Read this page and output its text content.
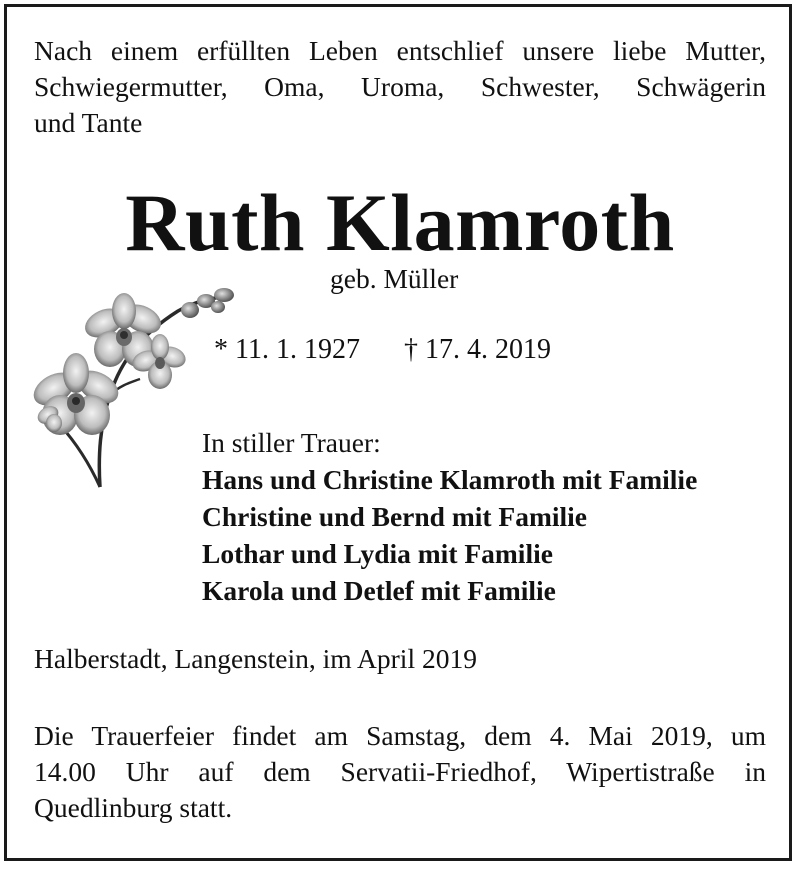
Nach einem erfüllten Leben entschlief unsere liebe Mutter,
Schwiegermutter, Oma, Uroma, Schwester, Schwägerin
und Tante

Ruth Klamroth
geb. Müller
* 11. 1. 1927 † 17. 4. 2019
In stiller Trauer:
Hans und Christine Klamroth mit Familie
Christine und Bernd mit Familie
Lothar und Lydia mit Familie
Karola und Detlef mit Familie
Halberstadt, Langenstein, im April 2019
Die Trauerfeier findet am Samstag, dem 4. Mai 2019, um
14.00 Uhr auf dem Servatii-Friedhof, Wipertistraße in
Quedlinburg statt.
